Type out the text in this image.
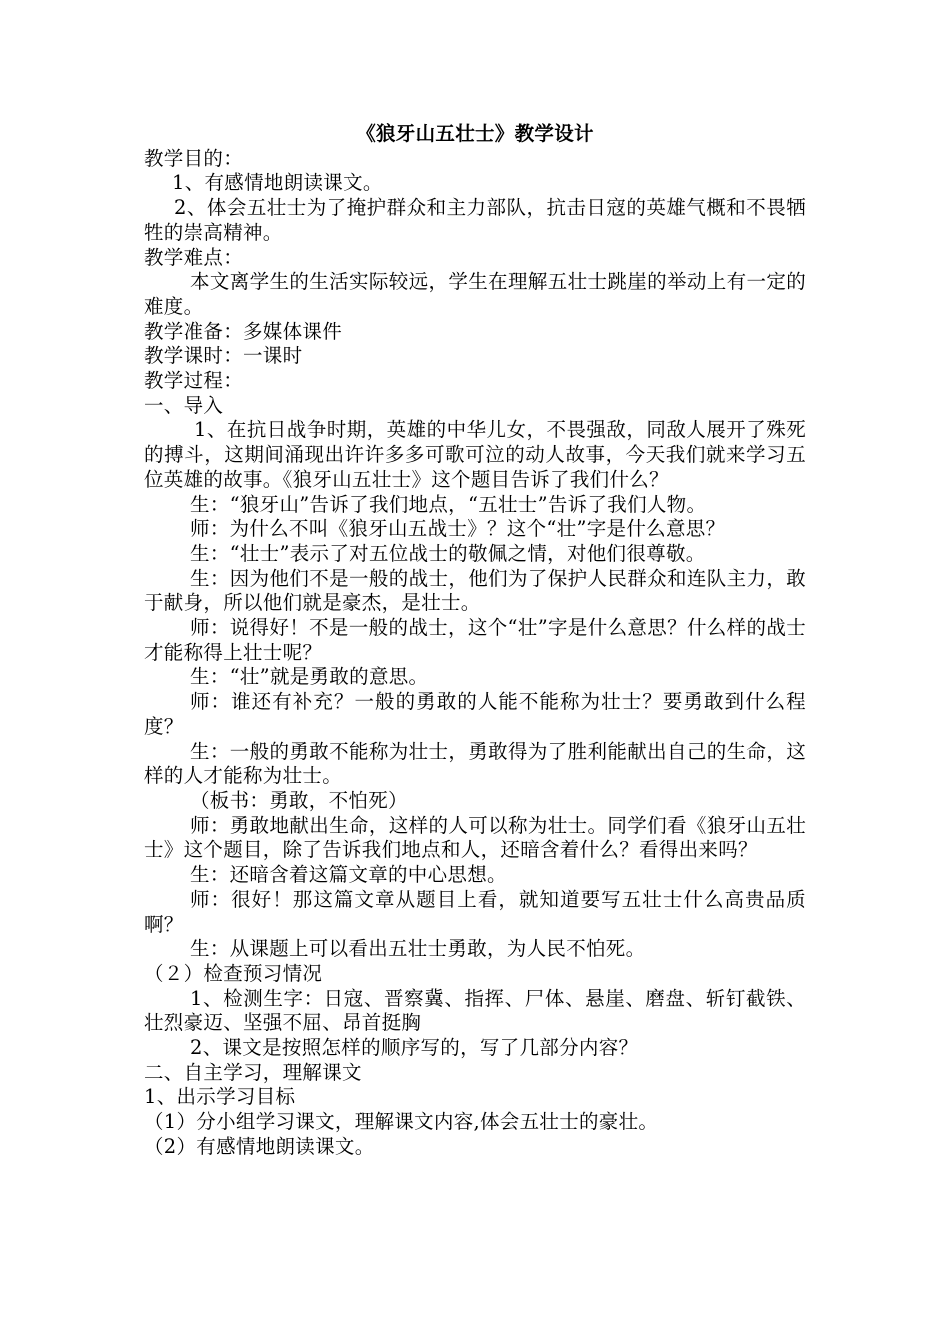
《狼牙山五壮士》教学设计
教学目的：
1、有感情地朗读课文。
2、体会五壮士为了掩护群众和主力部队，抗击日寇的英雄气概和不畏牺牲的崇高精神。
教学难点：
本文离学生的生活实际较远，学生在理解五壮士跳崖的举动上有一定的难度。
教学准备：多媒体课件
教学课时：一课时
教学过程：
一、导入
1、在抗日战争时期，英雄的中华儿女，不畏强敌，同敌人展开了殊死的搏斗，这期间涌现出许许多多可歌可泣的动人故事，今天我们就来学习五位英雄的故事。《狼牙山五壮士》这个题目告诉了我们什么？
生：“狼牙山”告诉了我们地点，“五壮士”告诉了我们人物。
师：为什么不叫《狼牙山五战士》？这个“壮”字是什么意思？
生：“壮士”表示了对五位战士的敬佩之情，对他们很尊敬。
生：因为他们不是一般的战士，他们为了保护人民群众和连队主力，敢于献身，所以他们就是豪杰，是壮士。
师：说得好！不是一般的战士，这个“壮”字是什么意思？什么样的战士才能称得上壮士呢？
生：“壮”就是勇敢的意思。
师：谁还有补充？一般的勇敢的人能不能称为壮士？要勇敢到什么程度？
生：一般的勇敢不能称为壮士，勇敢得为了胜利能献出自己的生命，这样的人才能称为壮士。
（板书：勇敢，不怕死）
师：勇敢地献出生命，这样的人可以称为壮士。同学们看《狼牙山五壮士》这个题目，除了告诉我们地点和人，还暗含着什么？看得出来吗？
生：还暗含着这篇文章的中心思想。
师：很好！那这篇文章从题目上看，就知道要写五壮士什么高贵品质啊？
生：从课题上可以看出五壮士勇敢，为人民不怕死。
（２）检查预习情况
1、检测生字：日寇、晋察冀、指挥、尸体、悬崖、磨盘、斩钉截铁、壮烈豪迈、坚强不屈、昂首挺胸
2、课文是按照怎样的顺序写的，写了几部分内容？
二、自主学习，理解课文
1、出示学习目标
（1）分小组学习课文，理解课文内容,体会五壮士的豪壮。
（2）有感情地朗读课文。
